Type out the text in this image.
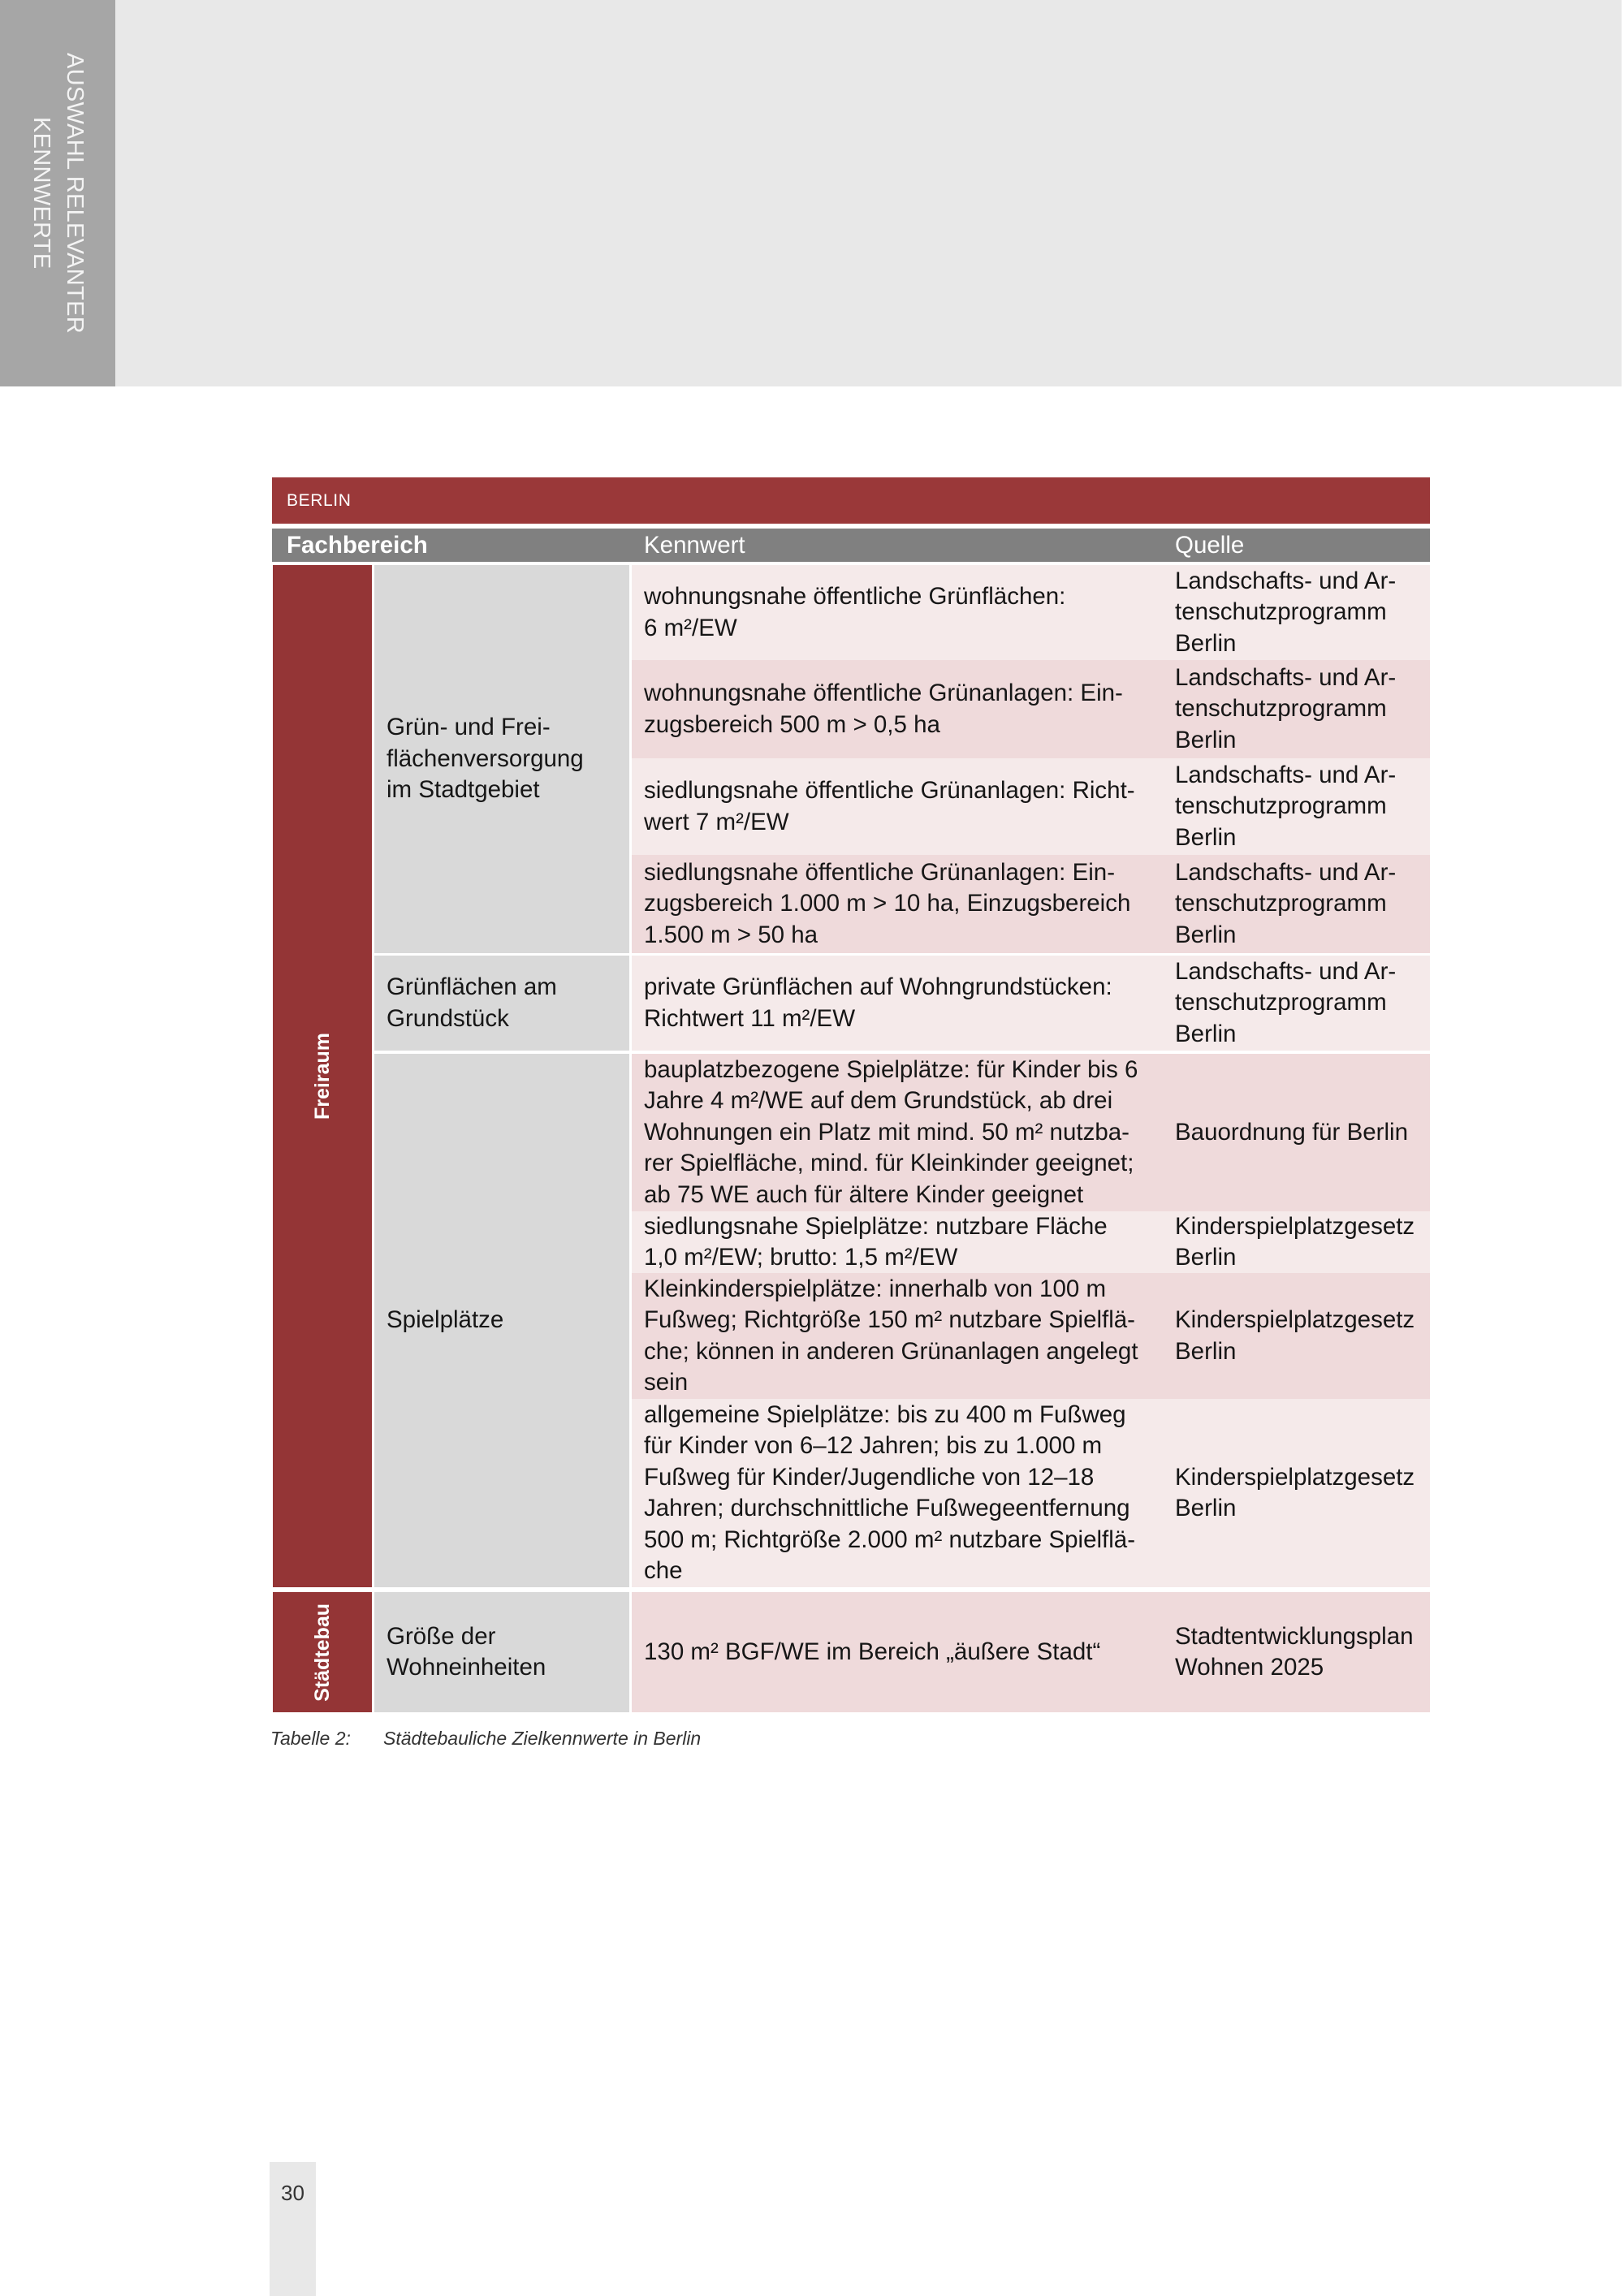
AUSWAHL RELEVANTER
KENNWERTE
BERLIN
Fachbereich	Kennwert	Quelle
Freiraum
Städtebau
Grün- und Frei-
flächenversorgung
im Stadtgebiet
Grünflächen am
Grundstück
Spielplätze
Größe der
Wohneinheiten
wohnungsnahe öffentliche Grünflächen:
6 m²/EW
Landschafts- und Ar-
tenschutzprogramm
Berlin
wohnungsnahe öffentliche Grünanlagen: Ein-
zugsbereich 500 m > 0,5 ha
Landschafts- und Ar-
tenschutzprogramm
Berlin
siedlungsnahe öffentliche Grünanlagen: Richt-
wert 7 m²/EW
Landschafts- und Ar-
tenschutzprogramm
Berlin
siedlungsnahe öffentliche Grünanlagen: Ein-
zugsbereich 1.000 m > 10 ha, Einzugsbereich
1.500 m > 50 ha
Landschafts- und Ar-
tenschutzprogramm
Berlin
private Grünflächen auf Wohngrundstücken:
Richtwert 11 m²/EW
Landschafts- und Ar-
tenschutzprogramm
Berlin
bauplatzbezogene Spielplätze: für Kinder bis 6
Jahre 4 m²/WE auf dem Grundstück, ab drei
Wohnungen ein Platz mit mind. 50 m² nutzba-
rer Spielfläche, mind. für Kleinkinder geeignet;
ab 75 WE auch für ältere Kinder geeignet
Bauordnung für Berlin
siedlungsnahe Spielplätze: nutzbare Fläche
1,0 m²/EW; brutto: 1,5 m²/EW
Kinderspielplatzgesetz
Berlin
Kleinkinderspielplätze: innerhalb von 100 m
Fußweg; Richtgröße 150 m² nutzbare Spielflä-
che; können in anderen Grünanlagen angelegt
sein
Kinderspielplatzgesetz
Berlin
allgemeine Spielplätze: bis zu 400 m Fußweg
für Kinder von 6–12 Jahren; bis zu 1.000 m
Fußweg für Kinder/Jugendliche von 12–18
Jahren; durchschnittliche Fußwegeentfernung
500 m; Richtgröße 2.000 m² nutzbare Spielflä-
che
Kinderspielplatzgesetz
Berlin
130 m² BGF/WE im Bereich „äußere Stadt“
Stadtentwicklungsplan
Wohnen 2025
Tabelle 2: Städtebauliche Zielkennwerte in Berlin
30
